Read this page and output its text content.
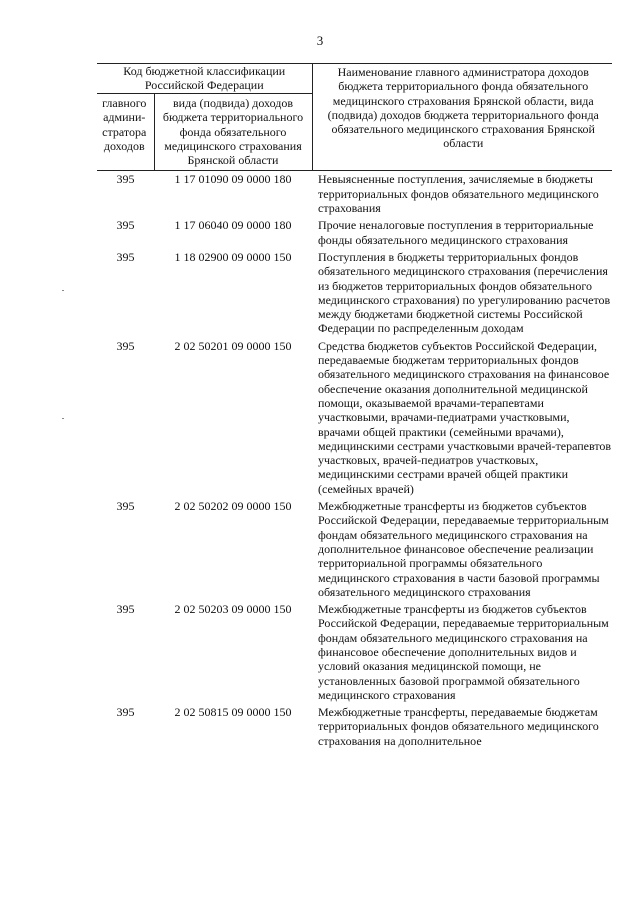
3
Код бюджетной классификации Российской Федерации		Наименование главного администратора доходов бюджета территориального фонда обязательного медицинского страхования Брянской области, вида (подвида) доходов бюджета территориального фонда обязательного медицинского страхования Брянской области
главного админи-стратора доходов	вида (подвида) доходов бюджета территориального фонда обязательного медицинского страхования Брянской области	
395	1 17 01090 09 0000 180	Невыясненные поступления, зачисляемые в бюджеты территориальных фондов обязательного медицинского страхования
395	1 17 06040 09 0000 180	Прочие неналоговые поступления в территориальные фонды обязательного медицинского страхования
395	1 18 02900 09 0000 150	Поступления в бюджеты территориальных фондов обязательного медицинского страхования (перечисления из бюджетов территориальных фондов обязательного медицинского страхования) по урегулированию расчетов между бюджетами бюджетной системы Российской Федерации по распределенным доходам
395	2 02 50201 09 0000 150	Средства бюджетов субъектов Российской Федерации, передаваемые бюджетам территориальных фондов обязательного медицинского страхования на финансовое обеспечение оказания дополнительной медицинской помощи, оказываемой врачами-терапевтами участковыми, врачами-педиатрами участковыми, врачами общей практики (семейными врачами), медицинскими сестрами участковыми врачей-терапевтов участковых, врачей-педиатров участковых, медицинскими сестрами врачей общей практики (семейных врачей)
395	2 02 50202 09 0000 150	Межбюджетные трансферты из бюджетов субъектов Российской Федерации, передаваемые территориальным фондам обязательного медицинского страхования на дополнительное финансовое обеспечение реализации территориальной программы обязательного медицинского страхования в части базовой программы обязательного медицинского страхования
395	2 02 50203 09 0000 150	Межбюджетные трансферты из бюджетов субъектов Российской Федерации, передаваемые территориальным фондам обязательного медицинского страхования на финансовое обеспечение дополнительных видов и условий оказания медицинской помощи, не установленных базовой программой обязательного медицинского страхования
395	2 02 50815 09 0000 150	Межбюджетные трансферты, передаваемые бюджетам территориальных фондов обязательного медицинского страхования на дополнительное
